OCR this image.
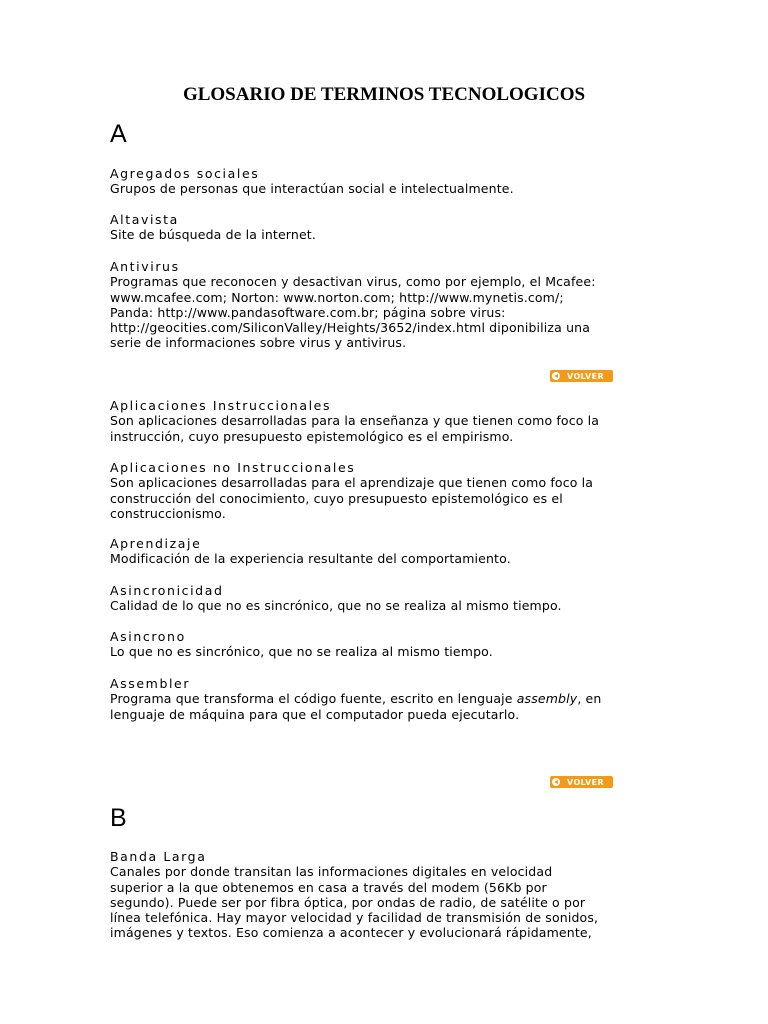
GLOSARIO DE TERMINOS TECNOLOGICOS
A
Agregados sociales
Grupos de personas que interactúan social e intelectualmente.
Altavista
Site de búsqueda de la internet.
Antivirus
Programas que reconocen y desactivan virus, como por ejemplo, el Mcafee:
www.mcafee.com; Norton: www.norton.com; http://www.mynetis.com/;
Panda: http://www.pandasoftware.com.br; página sobre virus:
http://geocities.com/SiliconValley/Heights/3652/index.html diponibiliza una
serie de informaciones sobre virus y antivirus.
VOLVER
Aplicaciones Instruccionales
Son aplicaciones desarrolladas para la enseñanza y que tienen como foco la
instrucción, cuyo presupuesto epistemológico es el empirismo.
Aplicaciones no Instruccionales
Son aplicaciones desarrolladas para el aprendizaje que tienen como foco la
construcción del conocimiento, cuyo presupuesto epistemológico es el
construccionismo.
Aprendizaje
Modificación de la experiencia resultante del comportamiento.
Asincronicidad
Calidad de lo que no es sincrónico, que no se realiza al mismo tiempo.
Asincrono
Lo que no es sincrónico, que no se realiza al mismo tiempo.
Assembler
Programa que transforma el código fuente, escrito en lenguaje assembly, en
lenguaje de máquina para que el computador pueda ejecutarlo.
VOLVER
B
Banda Larga
Canales por donde transitan las informaciones digitales en velocidad
superior a la que obtenemos en casa a través del modem (56Kb por
segundo). Puede ser por fibra óptica, por ondas de radio, de satélite o por
línea telefónica. Hay mayor velocidad y facilidad de transmisión de sonidos,
imágenes y textos. Eso comienza a acontecer y evolucionará rápidamente,
